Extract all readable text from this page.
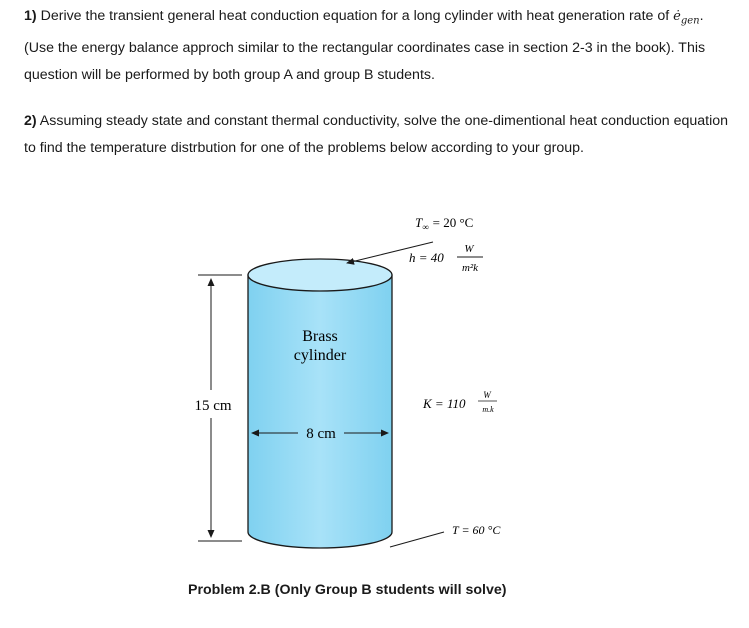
1) Derive the transient general heat conduction equation for a long cylinder with heat generation rate of $ė_{gen}$. (Use the energy balance approch similar to the rectangular coordinates case in section 2-3 in the book). This question will be performed by both group A and group B students.
2) Assuming steady state and constant thermal conductivity, solve the one-dimentional heat conduction equation to find the temperature distrbution for one of the problems below according to your group.
Brass
cylinder
15 cm
8 cm
$T_\infty = 20$ °C
h = 40
W
m²k
K = 110
W
m.k
T = 60 °C
Problem 2.B (Only Group B students will solve)
